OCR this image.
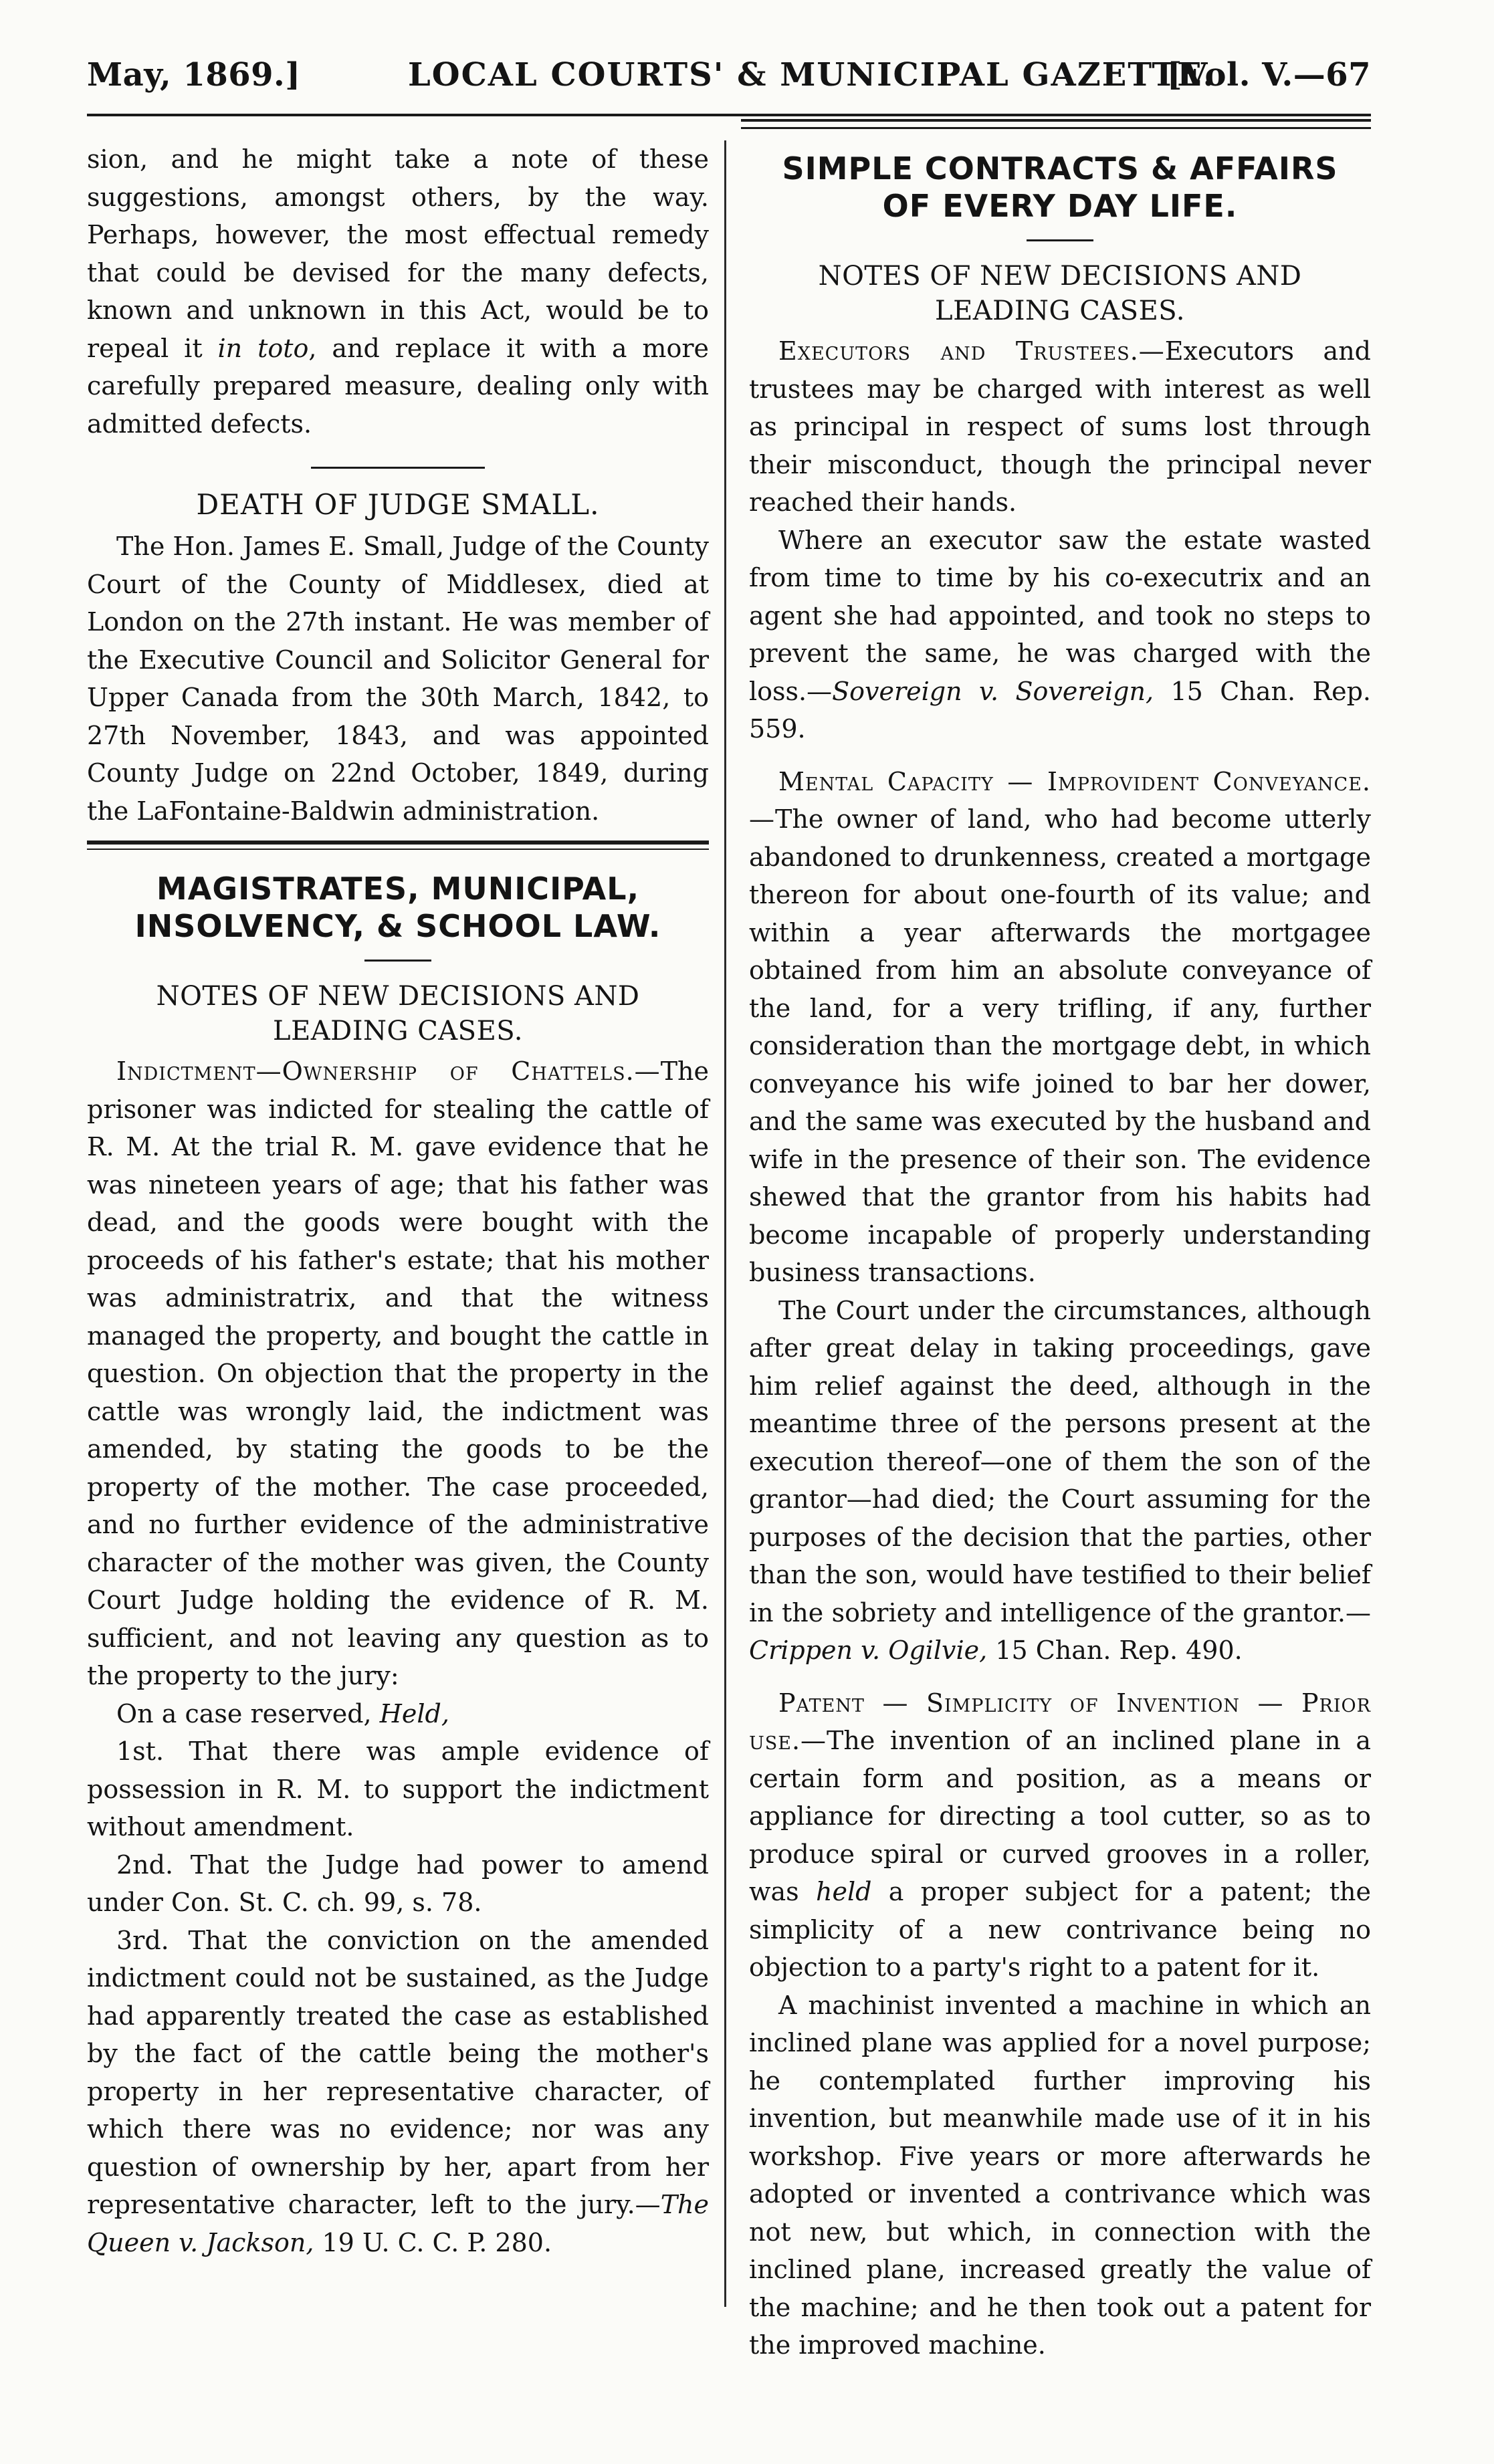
May, 1869.]	LOCAL COURTS' & MUNICIPAL GAZETTE.
[Vol. V.—67

sion, and he might take a note of these suggestions, amongst others, by the way. Perhaps, however, the most effectual remedy that could be devised for the many defects, known and unknown in this Act, would be to repeal it in toto, and replace it with a more carefully prepared measure, dealing only with admitted defects.

DEATH OF JUDGE SMALL.

The Hon. James E. Small, Judge of the County Court of the County of Middlesex, died at London on the 27th instant. He was member of the Executive Council and Solicitor General for Upper Canada from the 30th March, 1842, to 27th November, 1843, and was appointed County Judge on 22nd October, 1849, during the LaFontaine-Baldwin administration.

MAGISTRATES, MUNICIPAL,
INSOLVENCY, & SCHOOL LAW.
NOTES OF NEW DECISIONS AND LEADING CASES.

Indictment—Ownership of Chattels.—The prisoner was indicted for stealing the cattle of R. M. At the trial R. M. gave evidence that he was nineteen years of age; that his father was dead, and the goods were bought with the proceeds of his father's estate; that his mother was administratrix, and that the witness managed the property, and bought the cattle in question. On objection that the property in the cattle was wrongly laid, the indictment was amended, by stating the goods to be the property of the mother. The case proceeded, and no further evidence of the administrative character of the mother was given, the County Court Judge holding the evidence of R. M. sufficient, and not leaving any question as to the property to the jury:

On a case reserved, Held,

1st. That there was ample evidence of possession in R. M. to support the indictment without amendment.

2nd. That the Judge had power to amend under Con. St. C. ch. 99, s. 78.

3rd. That the conviction on the amended indictment could not be sustained, as the Judge had apparently treated the case as established by the fact of the cattle being the mother's property in her representative character, of which there was no evidence; nor was any question of ownership by her, apart from her representative character, left to the jury.—The Queen v. Jackson, 19 U. C. C. P. 280.

SIMPLE CONTRACTS & AFFAIRS
OF EVERY DAY LIFE.
NOTES OF NEW DECISIONS AND LEADING CASES.

Executors and Trustees.—Executors and trustees may be charged with interest as well as principal in respect of sums lost through their misconduct, though the principal never reached their hands.

Where an executor saw the estate wasted from time to time by his co-executrix and an agent she had appointed, and took no steps to prevent the same, he was charged with the loss.—Sovereign v. Sovereign, 15 Chan. Rep. 559.

Mental Capacity — Improvident Conveyance.—The owner of land, who had become utterly abandoned to drunkenness, created a mortgage thereon for about one-fourth of its value; and within a year afterwards the mortgagee obtained from him an absolute conveyance of the land, for a very trifling, if any, further consideration than the mortgage debt, in which conveyance his wife joined to bar her dower, and the same was executed by the husband and wife in the presence of their son. The evidence shewed that the grantor from his habits had become incapable of properly understanding business transactions.

The Court under the circumstances, although after great delay in taking proceedings, gave him relief against the deed, although in the meantime three of the persons present at the execution thereof—one of them the son of the grantor—had died; the Court assuming for the purposes of the decision that the parties, other than the son, would have testified to their belief in the sobriety and intelligence of the grantor.—Crippen v. Ogilvie, 15 Chan. Rep. 490.

Patent — Simplicity of Invention — Prior use.—The invention of an inclined plane in a certain form and position, as a means or appliance for directing a tool cutter, so as to produce spiral or curved grooves in a roller, was held a proper subject for a patent; the simplicity of a new contrivance being no objection to a party's right to a patent for it.

A machinist invented a machine in which an inclined plane was applied for a novel purpose; he contemplated further improving his invention, but meanwhile made use of it in his workshop. Five years or more afterwards he adopted or invented a contrivance which was not new, but which, in connection with the inclined plane, increased greatly the value of the machine; and he then took out a patent for the improved machine.
